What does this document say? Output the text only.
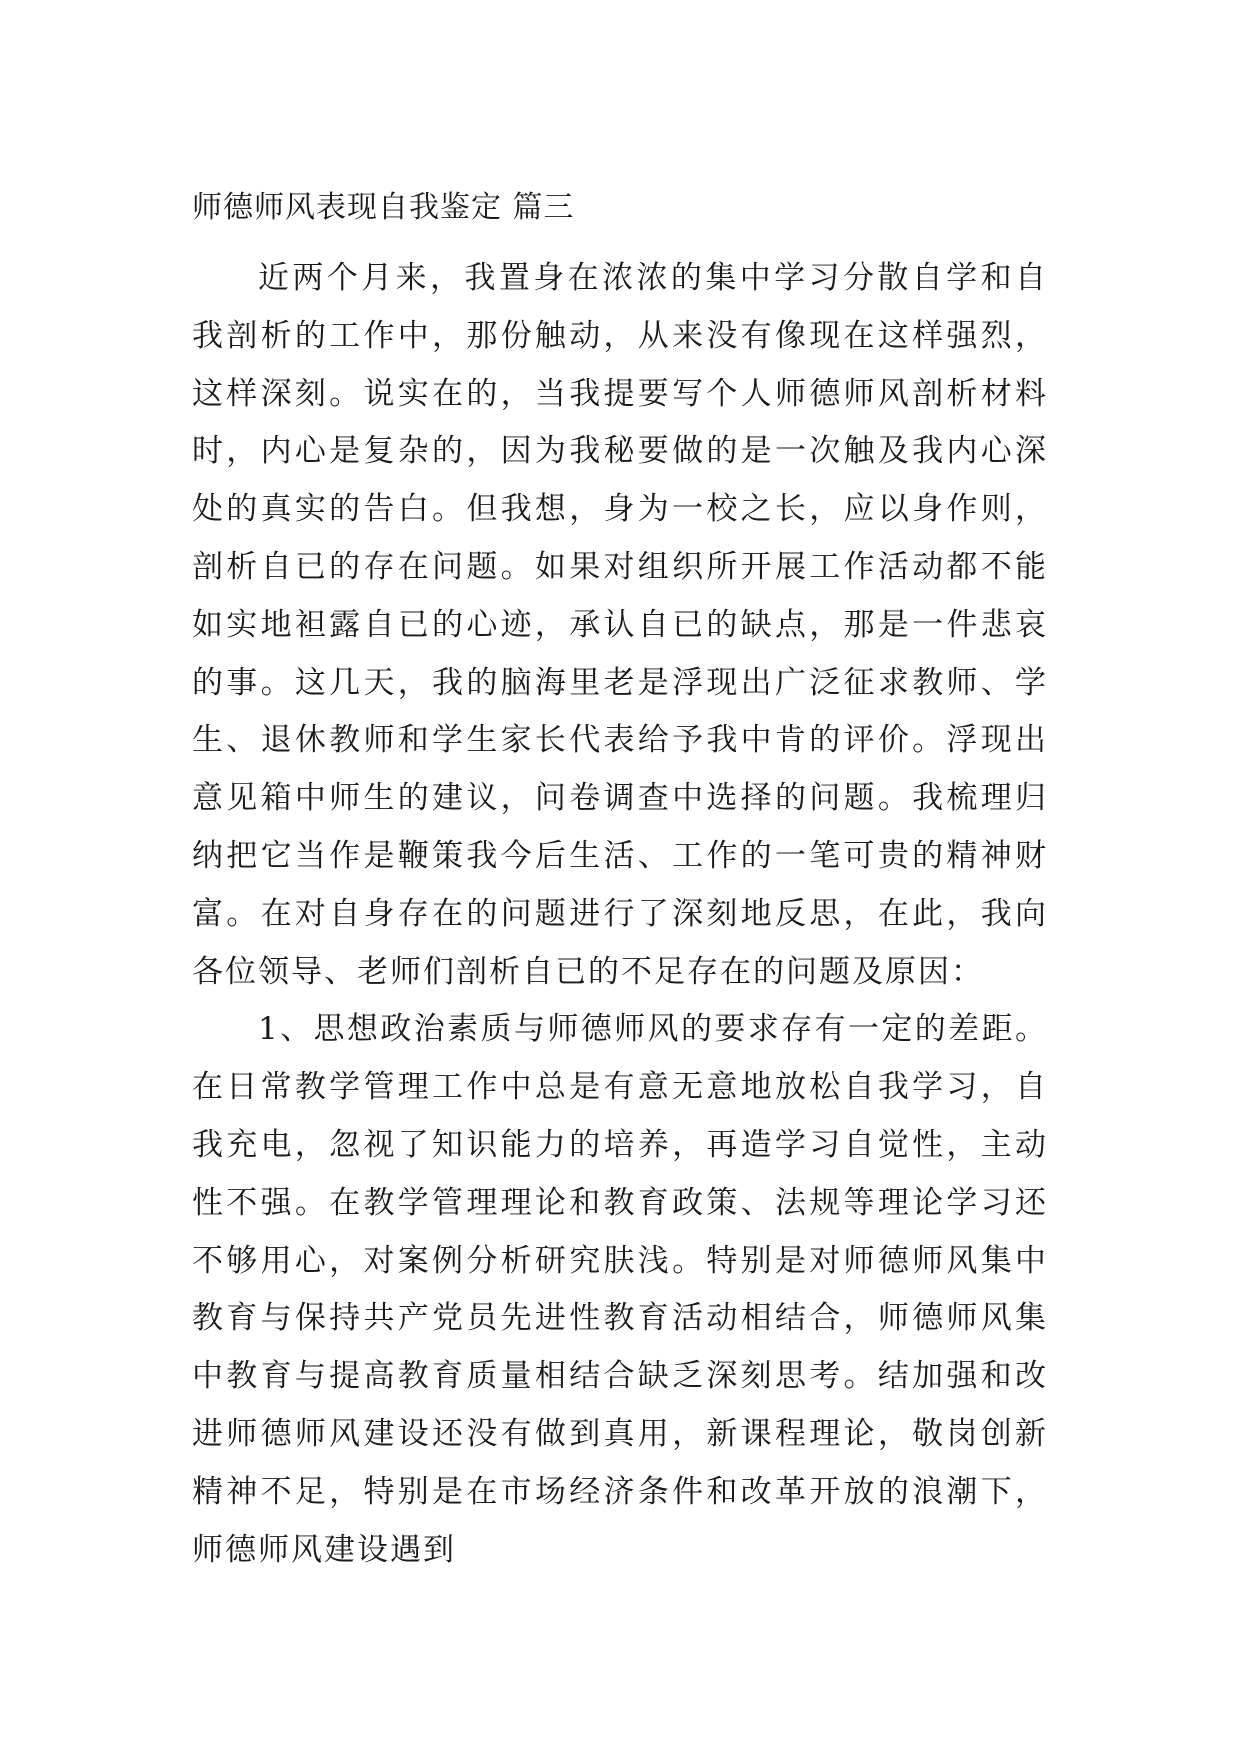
师德师风表现自我鉴定 篇三

近两个月来，我置身在浓浓的集中学习分散自学和自我剖析的工作中，那份触动，从来没有像现在这样强烈，这样深刻。说实在的，当我提要写个人师德师风剖析材料时，内心是复杂的，因为我秘要做的是一次触及我内心深处的真实的告白。但我想，身为一校之长，应以身作则，剖析自已的存在问题。如果对组织所开展工作活动都不能如实地袒露自已的心迹，承认自已的缺点，那是一件悲哀的事。这几天，我的脑海里老是浮现出广泛征求教师、学生、退休教师和学生家长代表给予我中肯的评价。浮现出意见箱中师生的建议，问卷调查中选择的问题。我梳理归纳把它当作是鞭策我今后生活、工作的一笔可贵的精神财富。在对自身存在的问题进行了深刻地反思，在此，我向各位领导、老师们剖析自已的不足存在的问题及原因：

1、思想政治素质与师德师风的要求存有一定的差距。在日常教学管理工作中总是有意无意地放松自我学习，自我充电，忽视了知识能力的培养，再造学习自觉性，主动性不强。在教学管理理论和教育政策、法规等理论学习还不够用心，对案例分析研究肤浅。特别是对师德师风集中教育与保持共产党员先进性教育活动相结合，师德师风集中教育与提高教育质量相结合缺乏深刻思考。结加强和改进师德师风建设还没有做到真用，新课程理论，敬岗创新精神不足，特别是在市场经济条件和改革开放的浪潮下，师德师风建设遇到
